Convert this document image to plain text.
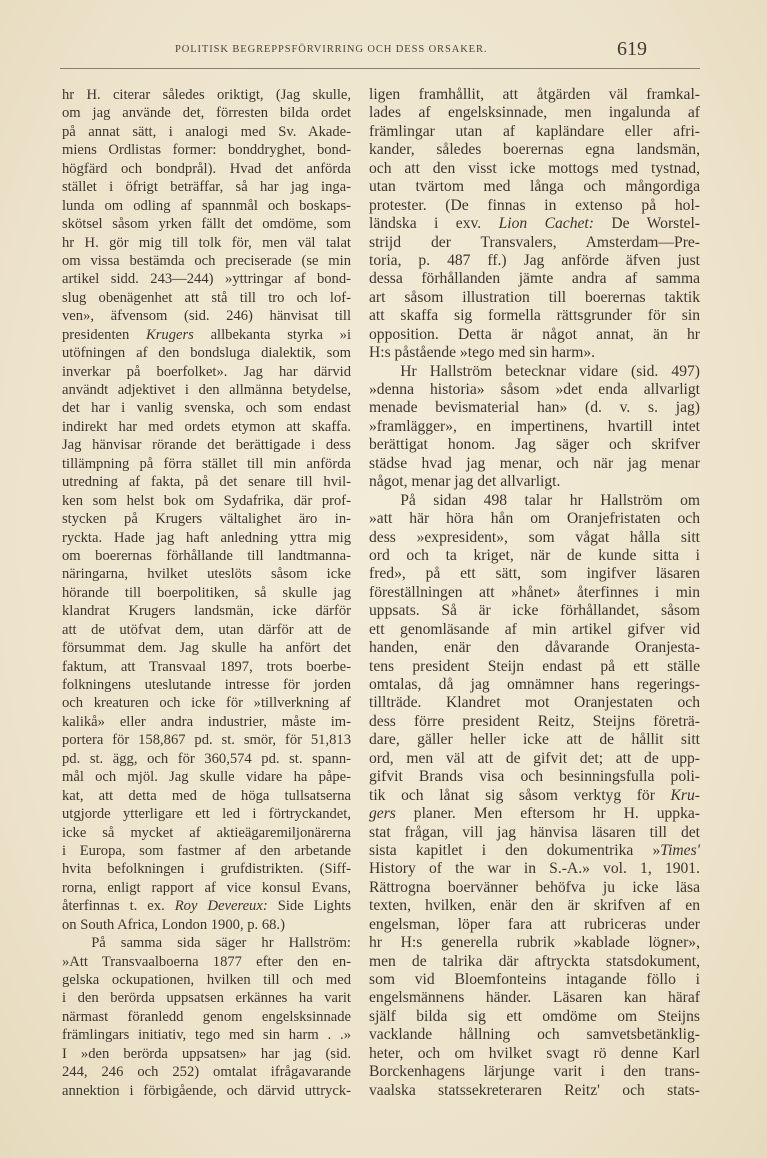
POLITISK BEGREPPSFÖRVIRRING OCH DESS ORSAKER.	619
hr H. citerar således oriktigt, (Jag skulle,
om jag använde det, förresten bilda ordet
på annat sätt, i analogi med Sv. Akade-
miens Ordlistas former: bonddryghet, bond-
högfärd och bondprål). Hvad det anförda
stället i öfrigt beträffar, så har jag inga-
lunda om odling af spannmål och boskaps-
skötsel såsom yrken fällt det omdöme, som
hr H. gör mig till tolk för, men väl talat
om vissa bestämda och preciserade (se min
artikel sidd. 243—244) »yttringar af bond-
slug obenägenhet att stå till tro och lof-
ven», äfvensom (sid. 246) hänvisat till
presidenten Krugers allbekanta styrka »i
utöfningen af den bondsluga dialektik, som
inverkar på boerfolket». Jag har därvid
användt adjektivet i den allmänna betydelse,
det har i vanlig svenska, och som endast
indirekt har med ordets etymon att skaffa.
Jag hänvisar rörande det berättigade i dess
tillämpning på förra stället till min anförda
utredning af fakta, på det senare till hvil-
ken som helst bok om Sydafrika, där prof-
stycken på Krugers vältalighet äro in-
ryckta. Hade jag haft anledning yttra mig
om boerernas förhållande till landtmanna-
näringarna, hvilket uteslöts såsom icke
hörande till boerpolitiken, så skulle jag
klandrat Krugers landsmän, icke därför
att de utöfvat dem, utan därför att de
försummat dem. Jag skulle ha anfört det
faktum, att Transvaal 1897, trots boerbe-
folkningens uteslutande intresse för jorden
och kreaturen och icke för »tillverkning af
kalikå» eller andra industrier, måste im-
portera för 158,867 pd. st. smör, för 51,813
pd. st. ägg, och för 360,574 pd. st. spann-
mål och mjöl. Jag skulle vidare ha påpe-
kat, att detta med de höga tullsatserna
utgjorde ytterligare ett led i förtryckandet,
icke så mycket af aktieägaremiljonärerna
i Europa, som fastmer af den arbetande
hvita befolkningen i grufdistrikten. (Siff-
rorna, enligt rapport af vice konsul Evans,
återfinnas t. ex. Roy Devereux: Side Lights
on South Africa, London 1900, p. 68.)
På samma sida säger hr Hallström:
»Att Transvaalboerna 1877 efter den en-
gelska ockupationen, hvilken till och med
i den berörda uppsatsen erkännes ha varit
närmast föranledd genom engelsksinnade
främlingars initiativ, tego med sin harm . .»
I »den berörda uppsatsen» har jag (sid.
244, 246 och 252) omtalat ifrågavarande
annektion i förbigående, och därvid uttryck-
ligen framhållit, att åtgärden väl framkal-
lades af engelsksinnade, men ingalunda af
främlingar utan af kapländare eller afri-
kander, således boerernas egna landsmän,
och att den visst icke mottogs med tystnad,
utan tvärtom med långa och mångordiga
protester. (De finnas in extenso på hol-
ländska i exv. Lion Cachet: De Worstel-
strijd der Transvalers, Amsterdam—Pre-
toria, p. 487 ff.) Jag anförde äfven just
dessa förhållanden jämte andra af samma
art såsom illustration till boerernas taktik
att skaffa sig formella rättsgrunder för sin
opposition. Detta är något annat, än hr
H:s påstående »tego med sin harm».
Hr Hallström betecknar vidare (sid. 497)
»denna historia» såsom »det enda allvarligt
menade bevismaterial han» (d. v. s. jag)
»framlägger», en impertinens, hvartill intet
berättigat honom. Jag säger och skrifver
städse hvad jag menar, och när jag menar
något, menar jag det allvarligt.
På sidan 498 talar hr Hallström om
»att här höra hån om Oranjefristaten och
dess »expresident», som vågat hålla sitt
ord och ta kriget, när de kunde sitta i
fred», på ett sätt, som ingifver läsaren
föreställningen att »hånet» återfinnes i min
uppsats. Så är icke förhållandet, såsom
ett genomläsande af min artikel gifver vid
handen, enär den dåvarande Oranjesta-
tens president Steijn endast på ett ställe
omtalas, då jag omnämner hans regerings-
tillträde. Klandret mot Oranjestaten och
dess förre president Reitz, Steijns företrä-
dare, gäller heller icke att de hållit sitt
ord, men väl att de gifvit det; att de upp-
gifvit Brands visa och besinningsfulla poli-
tik och lånat sig såsom verktyg för Kru-
gers planer. Men eftersom hr H. uppka-
stat frågan, vill jag hänvisa läsaren till det
sista kapitlet i den dokumentrika »Times'
History of the war in S.-A.» vol. 1, 1901.
Rättrogna boervänner behöfva ju icke läsa
texten, hvilken, enär den är skrifven af en
engelsman, löper fara att rubriceras under
hr H:s generella rubrik »kablade lögner»,
men de talrika där aftryckta statsdokument,
som vid Bloemfonteins intagande föllo i
engelsmännens händer. Läsaren kan häraf
själf bilda sig ett omdöme om Steijns
vacklande hållning och samvetsbetänklig-
heter, och om hvilket svagt rö denne Karl
Borckenhagens lärjunge varit i den trans-
vaalska statssekreteraren Reitz' och stats-
